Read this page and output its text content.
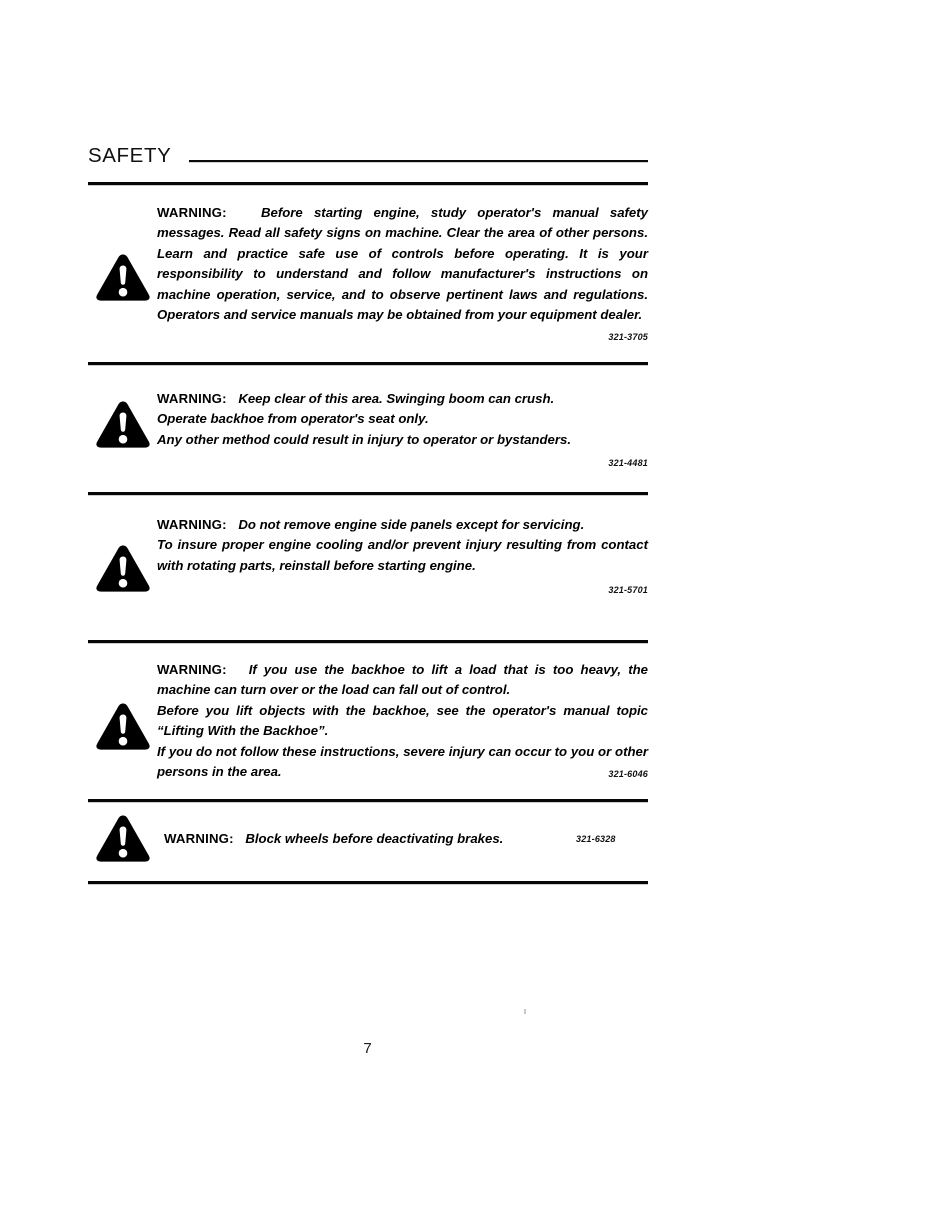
SAFETY

WARNING:	Before starting engine, study operator's manual safety messages. Read all safety signs on machine. Clear the area of other persons. Learn and practice safe use of controls before operating. It is your responsibility to understand and follow manufacturer's instructions on machine operation, service, and to observe pertinent laws and regulations. Operators and service manuals may be obtained from your equipment dealer.
321-3705

WARNING: Keep clear of this area. Swinging boom can crush.

Operate backhoe from operator's seat only.

Any other method could result in injury to operator or bystanders.

321-4481

WARNING: Do not remove engine side panels except for servicing.

To insure proper engine cooling and/or prevent injury resulting from contact with rotating parts, reinstall before starting engine.

321-5701

WARNING: If you use the backhoe to lift a load that is too heavy, the machine can turn over or the load can fall out of control.

Before you lift objects with the backhoe, see the operator's manual topic “Lifting With the Backhoe”.

If you do not follow these instructions, severe injury can occur to you or other persons in the area.	321-6046

WARNING: Block wheels before deactivating brakes.	321-6328
7
